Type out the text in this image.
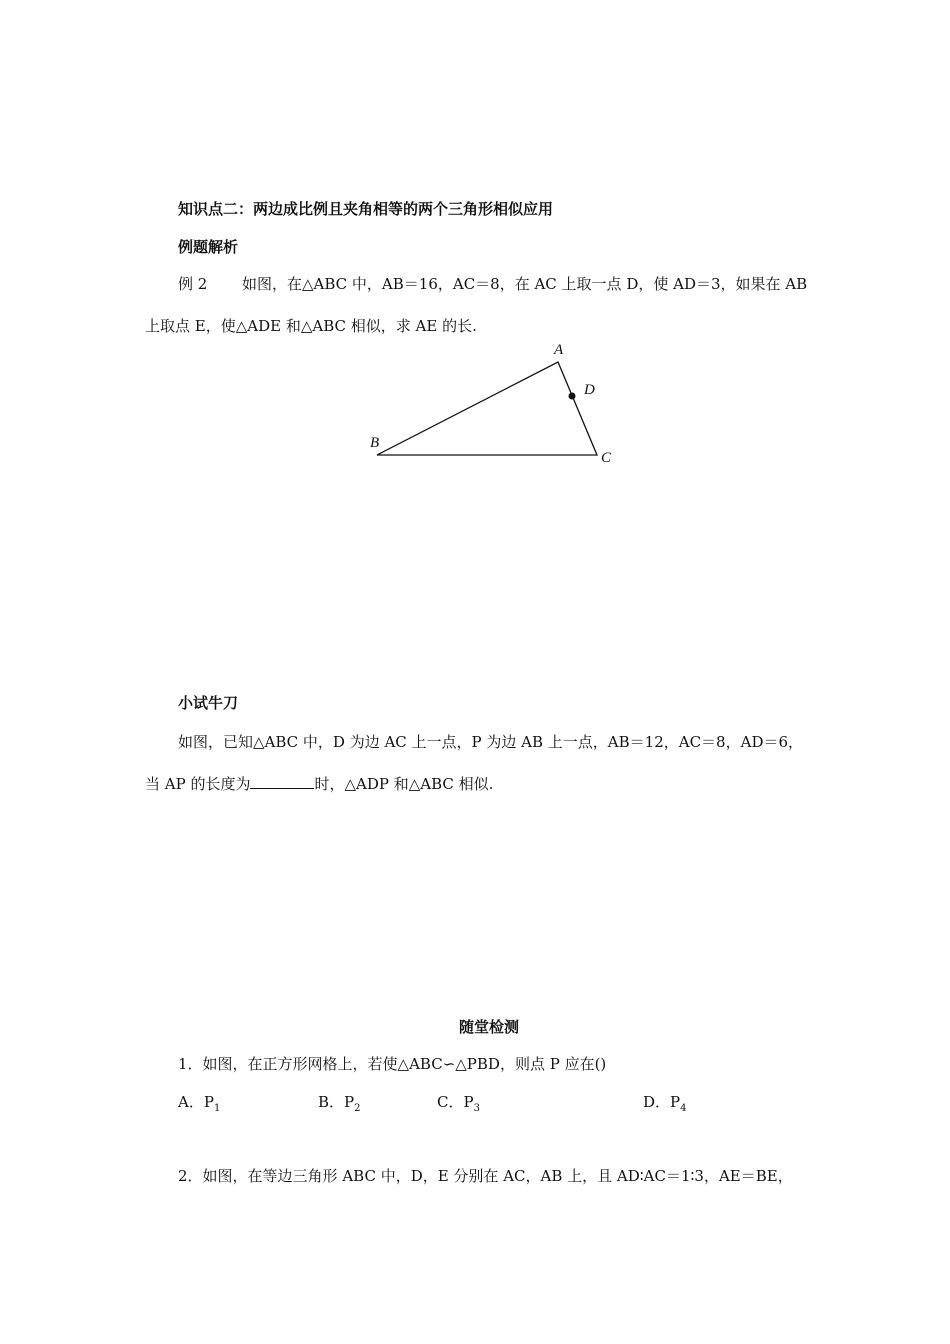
知识点二：两边成比例且夹角相等的两个三角形相似应用
例题解析
例 2 如图，在△ABC 中，AB＝16，AC＝8，在 AC 上取一点 D，使 AD＝3，如果在 AB
上取点 E，使△ADE 和△ABC 相似，求 AE 的长.
A
D
B
C
小试牛刀
如图，已知△ABC 中，D 为边 AC 上一点，P 为边 AB 上一点，AB＝12，AC＝8，AD＝6，
当 AP 的长度为	时，△ADP 和△ABC 相似.
随堂检测
1．如图，在正方形网格上，若使△ABC∽△PBD，则点 P 应在()
A．$P_1$	B．$P_2$	C．$P_3$	D．$P_4$
2．如图，在等边三角形 ABC 中，D，E 分别在 AC，AB 上，且 AD∶AC＝1∶3，AE＝BE，
